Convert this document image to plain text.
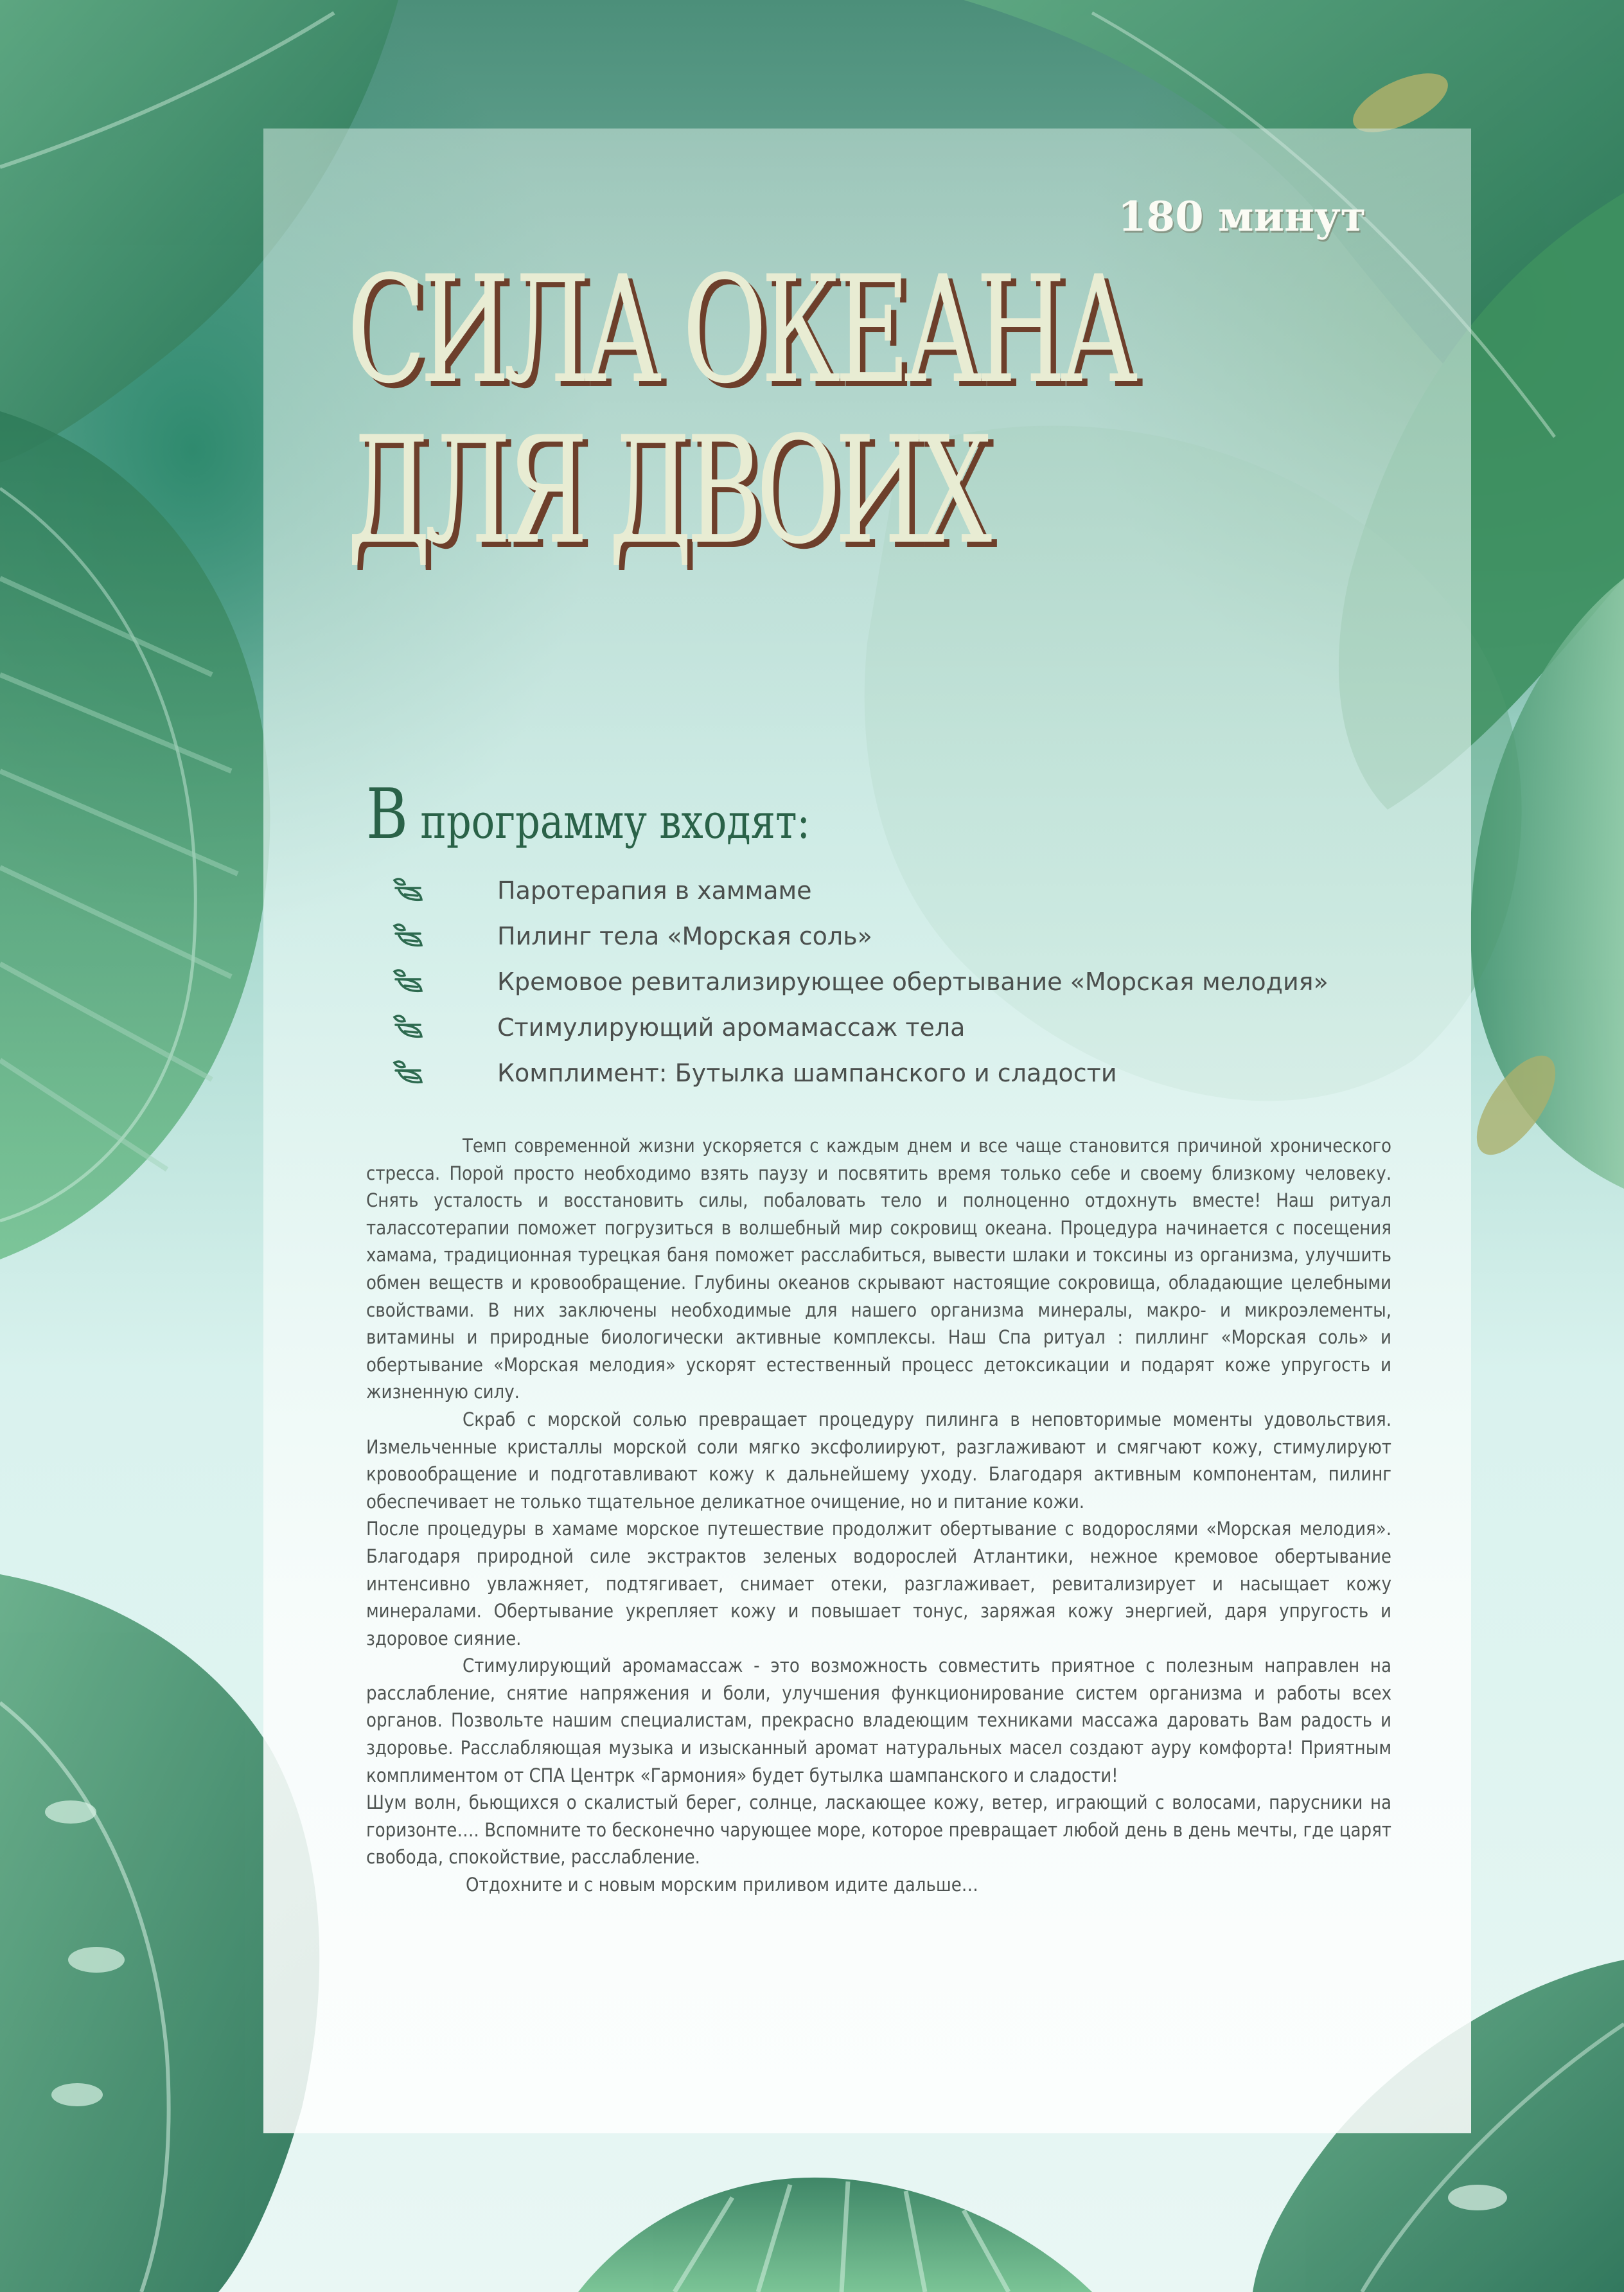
180 минут
СИЛА ОКЕАНА
ДЛЯ ДВОИХ
В программу входят:
Паротерапия в хаммаме
Пилинг тела «Морская соль»
Кремовое ревитализирующее обертывание «Морская мелодия»
Стимулирующий аромамассаж тела
Комплимент: Бутылка шампанского и сладости

Темп современной жизни ускоряется с каждым днем и все чаще становится причиной хронического стресса. Порой просто необходимо взять паузу и посвятить время только себе и своему близкому человеку. Снять усталость и восстановить силы, побаловать тело и полноценно отдохнуть вместе! Наш ритуал талассотерапии поможет погрузиться в волшебный мир сокровищ океана. Процедура начинается с посещения хамама, традиционная турецкая баня поможет расслабиться, вывести шлаки и токсины из организма, улучшить обмен веществ и кровообращение. Глубины океанов скрывают настоящие сокровища, обладающие целебными свойствами. В них заключены необходимые для нашего организма минералы, макро- и микроэлементы, витамины и природные биологически активные комплексы. Наш Спа ритуал : пиллинг «Морская соль» и обертывание «Морская мелодия» ускорят естественный процесс детоксикации и подарят коже упругость и жизненную силу.

Скраб с морской солью превращает процедуру пилинга в неповторимые моменты удовольствия. Измельченные кристаллы морской соли мягко эксфолиируют, разглаживают и смягчают кожу, стимулируют кровообращение и подготавливают кожу к дальнейшему уходу. Благодаря активным компонентам, пилинг обеспечивает не только тщательное деликатное очищение, но и питание кожи.

После процедуры в хамаме морское путешествие продолжит обертывание с водорослями «Морская мелодия». Благодаря природной силе экстрактов зеленых водорослей Атлантики, нежное кремовое обертывание интенсивно увлажняет, подтягивает, снимает отеки, разглаживает, ревитализирует и насыщает кожу минералами. Обертывание укрепляет кожу и повышает тонус, заряжая кожу энергией, даря упругость и здоровое сияние.

Стимулирующий аромамассаж - это возможность совместить приятное с полезным направлен на расслабление, снятие напряжения и боли, улучшения функционирование систем организма и работы всех органов. Позвольте нашим специалистам, прекрасно владеющим техниками массажа даровать Вам радость и здоровье. Расслабляющая музыка и изысканный аромат натуральных масел создают ауру комфорта! Приятным комплиментом от СПА Центрк «Гармония» будет бутылка шампанского и сладости!

Шум волн, бьющихся о скалистый берег, солнце, ласкающее кожу, ветер, играющий с волосами, парусники на горизонте…. Вспомните то бесконечно чарующее море, которое превращает любой день в день мечты, где царят свобода, спокойствие, расслабление.

Отдохните и с новым морским приливом идите дальше…
